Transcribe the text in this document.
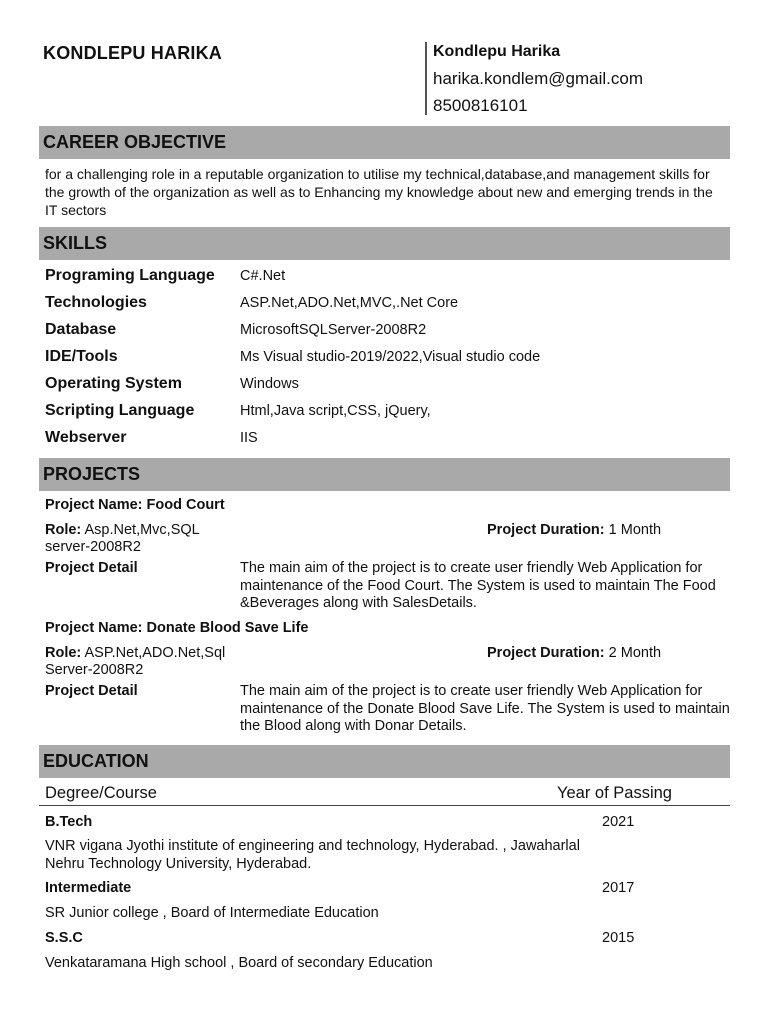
KONDLEPU HARIKA	Kondlepu Harika
harika.kondlem@gmail.com
8500816101
CAREER OBJECTIVE
for a challenging role in a reputable organization to utilise my technical,database,and management skills for the growth of the organization as well as to Enhancing my knowledge about new and emerging trends in the IT sectors
SKILLS
Programing Language C#.Net
Technologies	ASP.Net,ADO.Net,MVC,.Net Core
Database	MicrosoftSQLServer-2008R2
IDE/Tools	Ms Visual studio-2019/2022,Visual studio code
Operating System	Windows
Scripting Language	Html,Java script,CSS, jQuery,
Webserver	IIS
PROJECTS
Project Name: Food Court
Role: Asp.Net,Mvc,SQL server-2008R2
Project Duration: 1 Month
Project Detail	The main aim of the project is to create user friendly Web Application for maintenance of the Food Court. The System is used to maintain The Food &Beverages along with SalesDetails.
Project Name: Donate Blood Save Life
Role: ASP.Net,ADO.Net,Sql Server-2008R2
Project Duration: 2 Month
Project Detail	The main aim of the project is to create user friendly Web Application for maintenance of the Donate Blood Save Life. The System is used to maintain the Blood along with Donar Details.
EDUCATION
Degree/Course	Year of Passing
B.Tech	2021
VNR vigana Jyothi institute of engineering and technology, Hyderabad. , Jawaharlal Nehru Technology University, Hyderabad.
Intermediate	2017
SR Junior college , Board of Intermediate Education
S.S.C	2015
Venkataramana High school , Board of secondary Education
